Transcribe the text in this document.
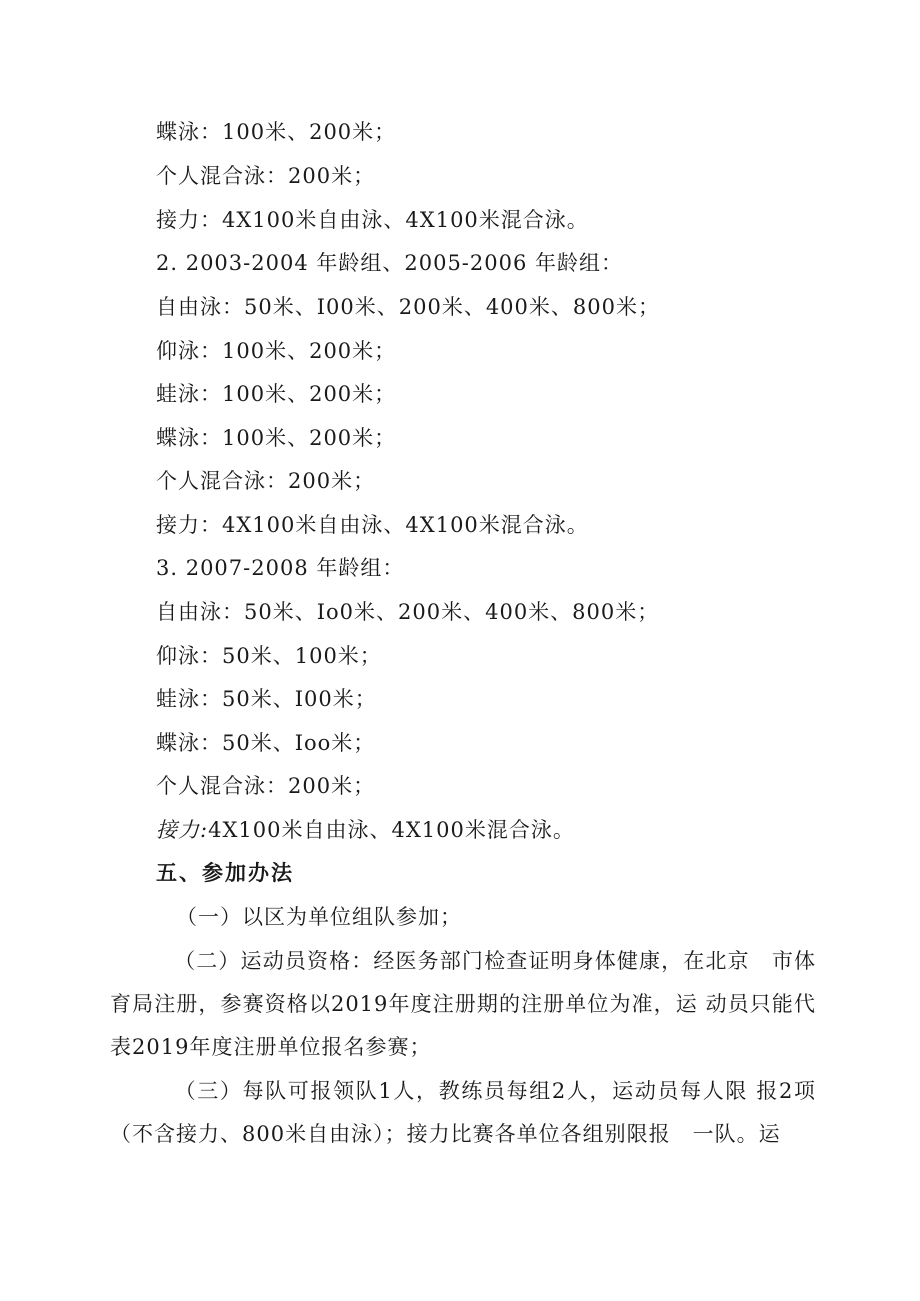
蝶泳：100米、200米；
个人混合泳：200米；
接力：4X100米自由泳、4X100米混合泳。
2. 2003-2004 年龄组、2005-2006 年龄组：
自由泳：50米、I00米、200米、400米、800米；
仰泳：100米、200米；
蛙泳：100米、200米；
蝶泳：100米、200米；
个人混合泳：200米；
接力：4X100米自由泳、4X100米混合泳。
3. 2007-2008 年龄组：
自由泳：50米、Io0米、200米、400米、800米；
仰泳：50米、100米；
蛙泳：50米、I00米；
蝶泳：50米、Ioo米；
个人混合泳：200米；
接力:4X100米自由泳、4X100米混合泳。
五、参加办法
（一）以区为单位组队参加；

（二）运动员资格：经医务部门检查证明身体健康，在北京　市体育局注册，参赛资格以2019年度注册期的注册单位为准，运 动员只能代表2019年度注册单位报名参赛；

（三）每队可报领队1人，教练员每组2人，运动员每人限 报2项（不含接力、800米自由泳）；接力比赛各单位各组别限报　一队。运
